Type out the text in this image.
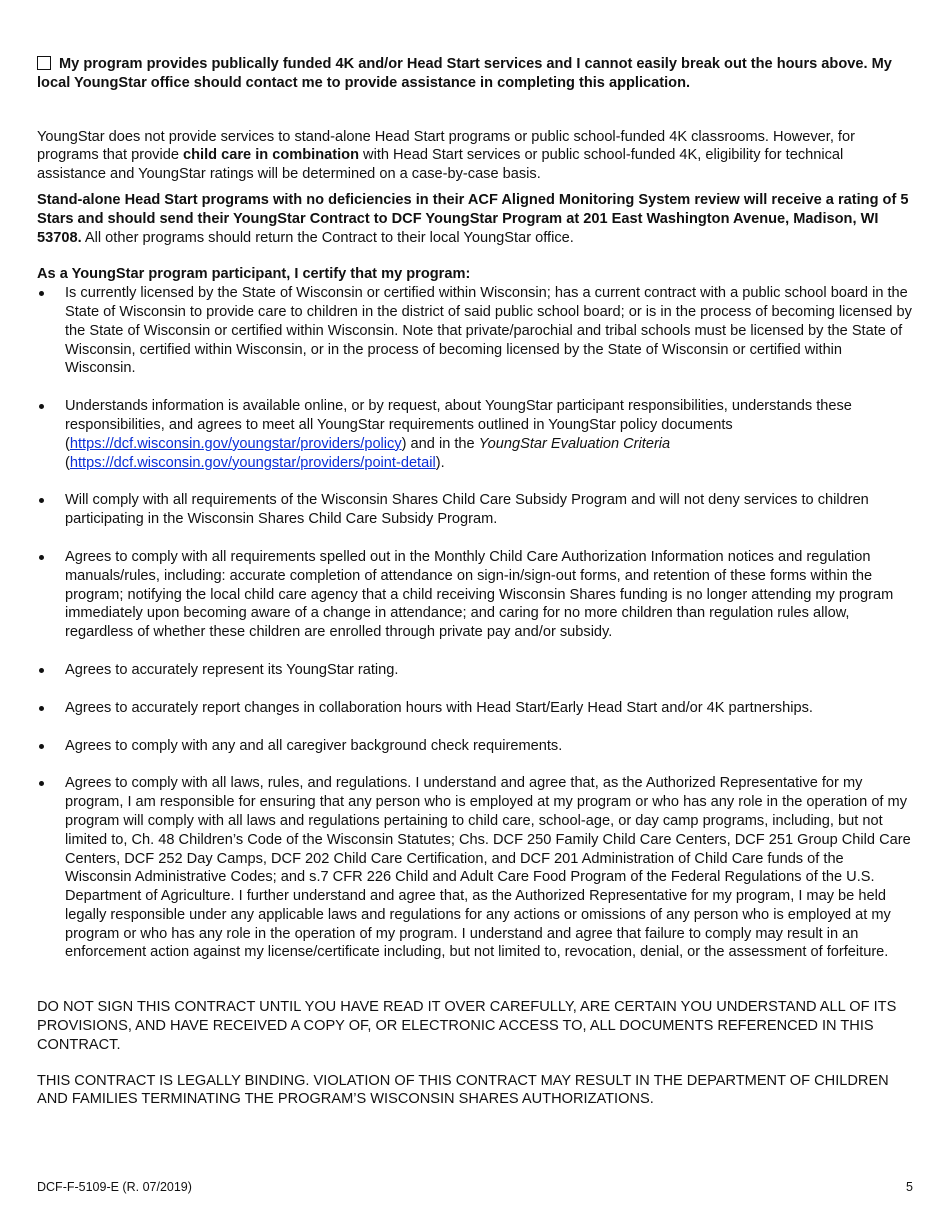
My program provides publically funded 4K and/or Head Start services and I cannot easily break out the hours above. My local YoungStar office should contact me to provide assistance in completing this application.

YoungStar does not provide services to stand-alone Head Start programs or public school-funded 4K classrooms. However, for programs that provide child care in combination with Head Start services or public school-funded 4K, eligibility for technical assistance and YoungStar ratings will be determined on a case-by-case basis.

Stand-alone Head Start programs with no deficiencies in their ACF Aligned Monitoring System review will receive a rating of 5 Stars and should send their YoungStar Contract to DCF YoungStar Program at 201 East Washington Avenue, Madison, WI 53708. All other programs should return the Contract to their local YoungStar office.

As a YoungStar program participant, I certify that my program:

Is currently licensed by the State of Wisconsin or certified within Wisconsin; has a current contract with a public school board in the State of Wisconsin to provide care to children in the district of said public school board; or is in the process of becoming licensed by the State of Wisconsin or certified within Wisconsin. Note that private/parochial and tribal schools must be licensed by the State of Wisconsin, certified within Wisconsin, or in the process of becoming licensed by the State of Wisconsin or certified within Wisconsin.
Understands information is available online, or by request, about YoungStar participant responsibilities, understands these responsibilities, and agrees to meet all YoungStar requirements outlined in YoungStar policy documents (https://dcf.wisconsin.gov/youngstar/providers/policy) and in the YoungStar Evaluation Criteria (https://dcf.wisconsin.gov/youngstar/providers/point-detail).
Will comply with all requirements of the Wisconsin Shares Child Care Subsidy Program and will not deny services to children participating in the Wisconsin Shares Child Care Subsidy Program.
Agrees to comply with all requirements spelled out in the Monthly Child Care Authorization Information notices and regulation manuals/rules, including: accurate completion of attendance on sign-in/sign-out forms, and retention of these forms within the program; notifying the local child care agency that a child receiving Wisconsin Shares funding is no longer attending my program immediately upon becoming aware of a change in attendance; and caring for no more children than regulation rules allow, regardless of whether these children are enrolled through private pay and/or subsidy.
Agrees to accurately represent its YoungStar rating.
Agrees to accurately report changes in collaboration hours with Head Start/Early Head Start and/or 4K partnerships.
Agrees to comply with any and all caregiver background check requirements.
Agrees to comply with all laws, rules, and regulations. I understand and agree that, as the Authorized Representative for my program, I am responsible for ensuring that any person who is employed at my program or who has any role in the operation of my program will comply with all laws and regulations pertaining to child care, school-age, or day camp programs, including, but not limited to, Ch. 48 Children’s Code of the Wisconsin Statutes; Chs. DCF 250 Family Child Care Centers, DCF 251 Group Child Care Centers, DCF 252 Day Camps, DCF 202 Child Care Certification, and DCF 201 Administration of Child Care funds of the Wisconsin Administrative Codes; and s.7 CFR 226 Child and Adult Care Food Program of the Federal Regulations of the U.S. Department of Agriculture. I further understand and agree that, as the Authorized Representative for my program, I may be held legally responsible under any applicable laws and regulations for any actions or omissions of any person who is employed at my program or who has any role in the operation of my program. I understand and agree that failure to comply may result in an enforcement action against my license/certificate including, but not limited to, revocation, denial, or the assessment of forfeiture.

DO NOT SIGN THIS CONTRACT UNTIL YOU HAVE READ IT OVER CAREFULLY, ARE CERTAIN YOU UNDERSTAND ALL OF ITS PROVISIONS, AND HAVE RECEIVED A COPY OF, OR ELECTRONIC ACCESS TO, ALL DOCUMENTS REFERENCED IN THIS CONTRACT.

THIS CONTRACT IS LEGALLY BINDING. VIOLATION OF THIS CONTRACT MAY RESULT IN THE DEPARTMENT OF CHILDREN AND FAMILIES TERMINATING THE PROGRAM’S WISCONSIN SHARES AUTHORIZATIONS.

DCF-F-5109-E (R. 07/2019)	5
